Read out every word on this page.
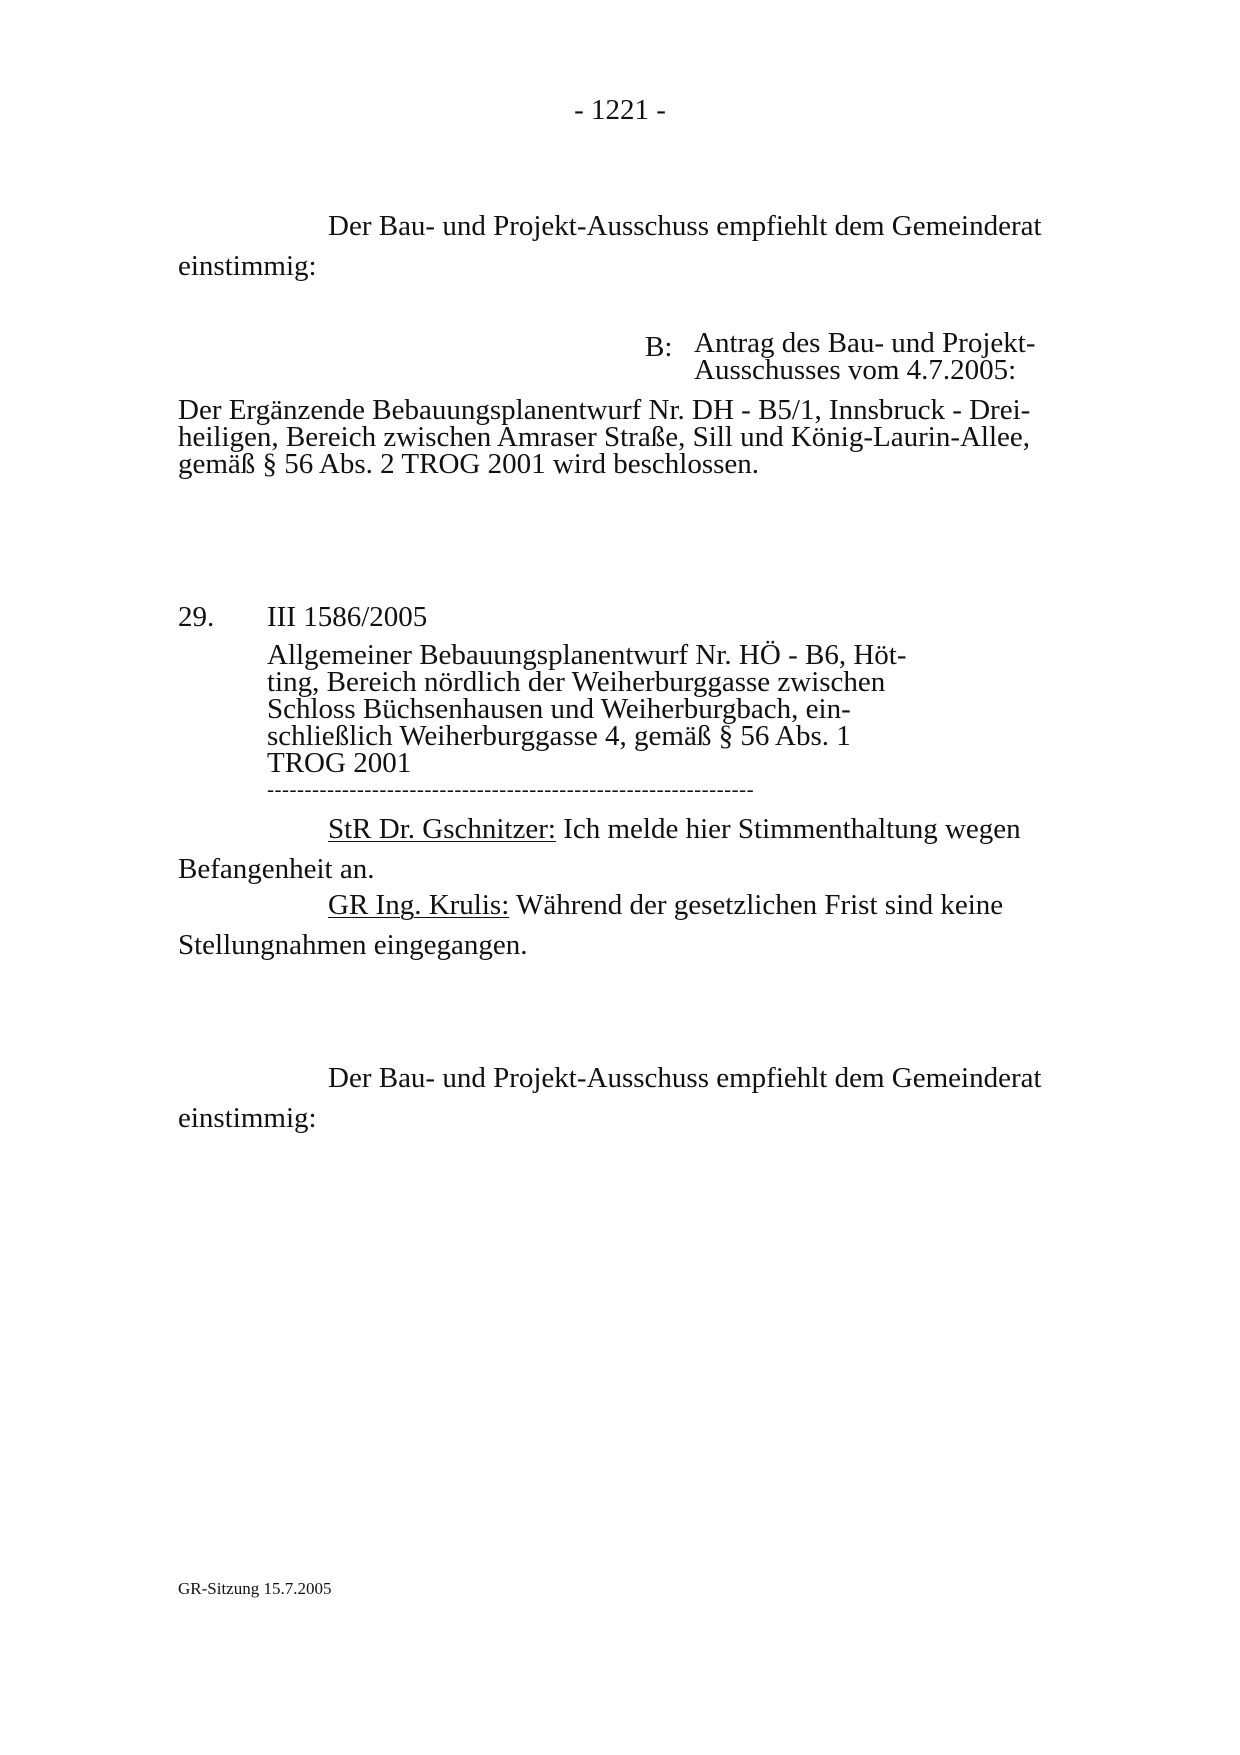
- 1221 -
Der Bau- und Projekt-Ausschuss empfiehlt dem Gemeinderat
einstimmig:
B: Antrag des Bau- und Projekt-
Ausschusses vom 4.7.2005:
Der Ergänzende Bebauungsplanentwurf Nr. DH - B5/1, Innsbruck - Drei-
heiligen, Bereich zwischen Amraser Straße, Sill und König-Laurin-Allee,
gemäß § 56 Abs. 2 TROG 2001 wird beschlossen.
29. III 1586/2005
Allgemeiner Bebauungsplanentwurf Nr. HÖ - B6, Höt-
ting, Bereich nördlich der Weiherburggasse zwischen
Schloss Büchsenhausen und Weiherburgbach, ein-
schließlich Weiherburggasse 4, gemäß § 56 Abs. 1
TROG 2001
-----------------------------------------------------------------
StR Dr. Gschnitzer: Ich melde hier Stimmenthaltung wegen
Befangenheit an.
GR Ing. Krulis: Während der gesetzlichen Frist sind keine
Stellungnahmen eingegangen.
Der Bau- und Projekt-Ausschuss empfiehlt dem Gemeinderat
einstimmig:
GR-Sitzung 15.7.2005
